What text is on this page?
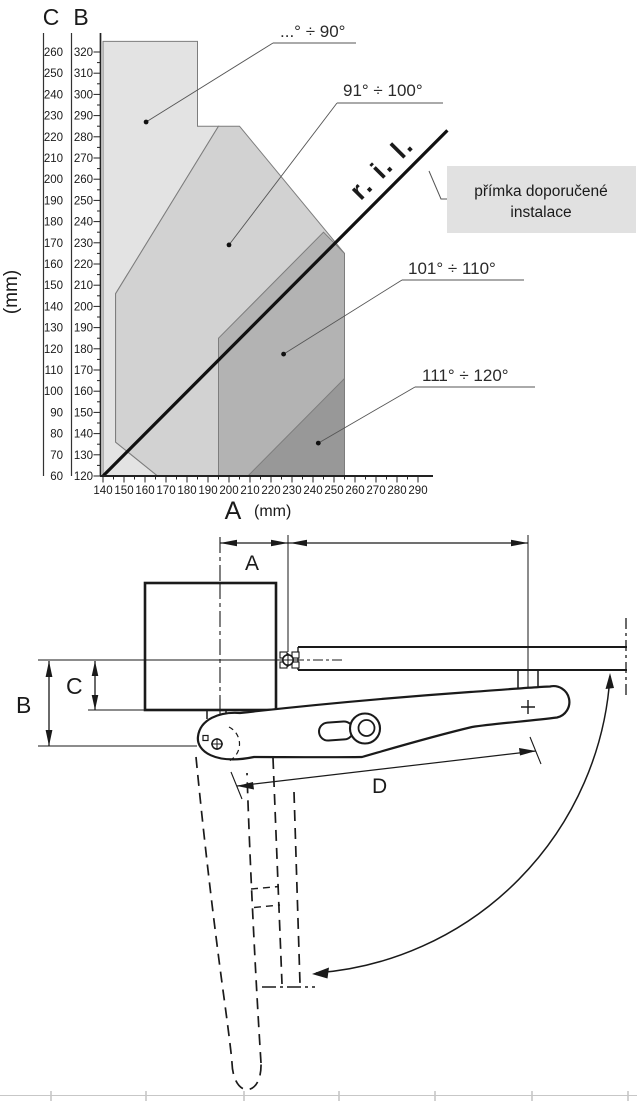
320
260
310
250
300
240
290
230
280
220
270
210
260
200
250
190
240
180
230
170
220
160
210
150
200
140
190
130
180
120
170
110
160
100
150
90
140
80
130
70
120
60
140 150 160 170 180 190 200 210 220 230 240 250 260 270 280 290
C B
(mm)
A (mm)
...° ÷ 90°
91° ÷ 100°
101° ÷ 110°
111° ÷ 120°
r. i. l.	přímka doporučené
instalace
A
B
C
D
